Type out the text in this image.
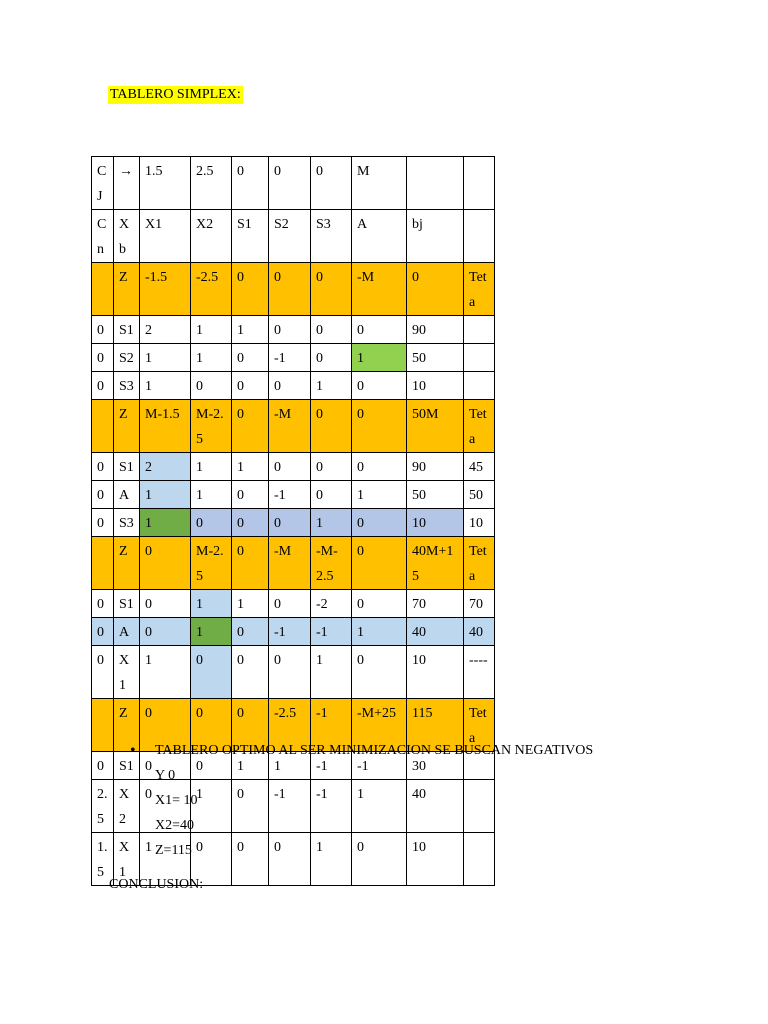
TABLERO SIMPLEX:
CJ	→	1.5	2.5	0	0	0	M		
Cn	Xb	X1	X2	S1	S2	S3	A	bj	
	Z	-1.5	-2.5	0	0	0	-M	0	Teta
0	S1	2	1	1	0	0	0	90	
0	S2	1	1	0	-1	0	1	50	
0	S3	1	0	0	0	1	0	10	
	Z	M-1.5	M-2.5	0	-M	0	0	50M	Teta
0	S1	2	1	1	0	0	0	90	45
0	A	1	1	0	-1	0	1	50	50
0	S3	1	0	0	0	1	0	10	10
	Z	0	M-2.5	0	-M	-M-2.5	0	40M+15	Teta
0	S1	0	1	1	0	-2	0	70	70
0	A	0	1	0	-1	-1	1	40	40
0	X1	1	0	0	0	1	0	10	----
	Z	0	0	0	-2.5	-1	-M+25	115	Teta
0	S1	0	0	1	1	-1	-1	30	
2.5	X2	0	1	0	-1	-1	1	40	
1.5	X1	1	0	0	0	1	0	10	
• TABLERO OPTIMO AL SER MINIMIZACION SE BUSCAN NEGATIVOS
Y 0
X1= 10
X2=40
Z=115
CONCLUSION:
